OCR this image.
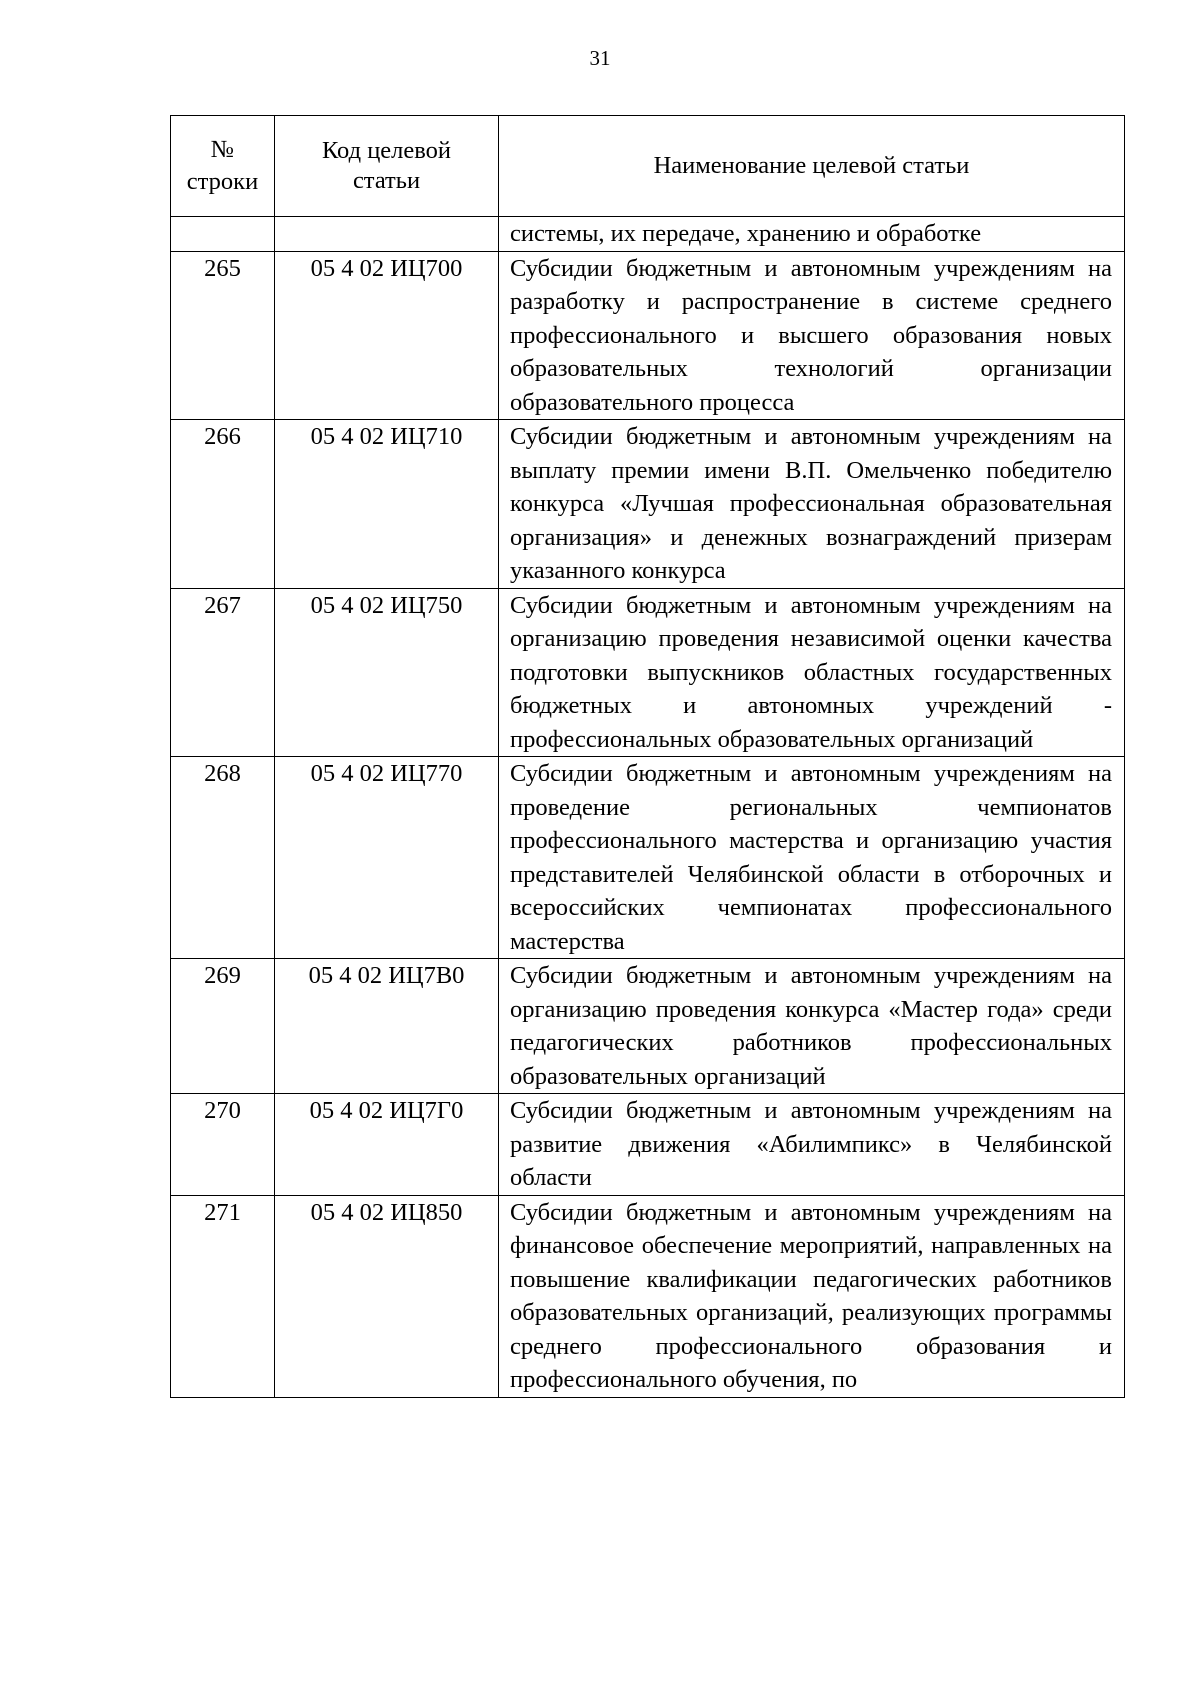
31
№ строки	Код целевой статьи	Наименование целевой статьи

		системы, их передаче, хранению и обработке
265	05 4 02 ИЦ700	Субсидии бюджетным и автономным учреждениям на разработку и распространение в системе среднего профессионального и высшего образования новых образовательных технологий организации образовательного процесса
266	05 4 02 ИЦ710	Субсидии бюджетным и автономным учреждениям на выплату премии имени В.П. Омельченко победителю конкурса «Лучшая профессиональная образовательная организация» и денежных вознаграждений призерам указанного конкурса
267	05 4 02 ИЦ750	Субсидии бюджетным и автономным учреждениям на организацию проведения независимой оценки качества подготовки выпускников областных государственных бюджетных и автономных учреждений - профессиональных образовательных организаций
268	05 4 02 ИЦ770	Субсидии бюджетным и автономным учреждениям на проведение региональных чемпионатов профессионального мастерства и организацию участия представителей Челябинской области в отборочных и всероссийских чемпионатах профессионального мастерства
269	05 4 02 ИЦ7В0	Субсидии бюджетным и автономным учреждениям на организацию проведения конкурса «Мастер года» среди педагогических работников профессиональных образовательных организаций
270	05 4 02 ИЦ7Г0	Субсидии бюджетным и автономным учреждениям на развитие движения «Абилимпикс» в Челябинской области
271	05 4 02 ИЦ850	Субсидии бюджетным и автономным учреждениям на финансовое обеспечение мероприятий, направленных на повышение квалификации педагогических работников образовательных организаций, реализующих программы среднего профессионального образования и профессионального обучения, по
